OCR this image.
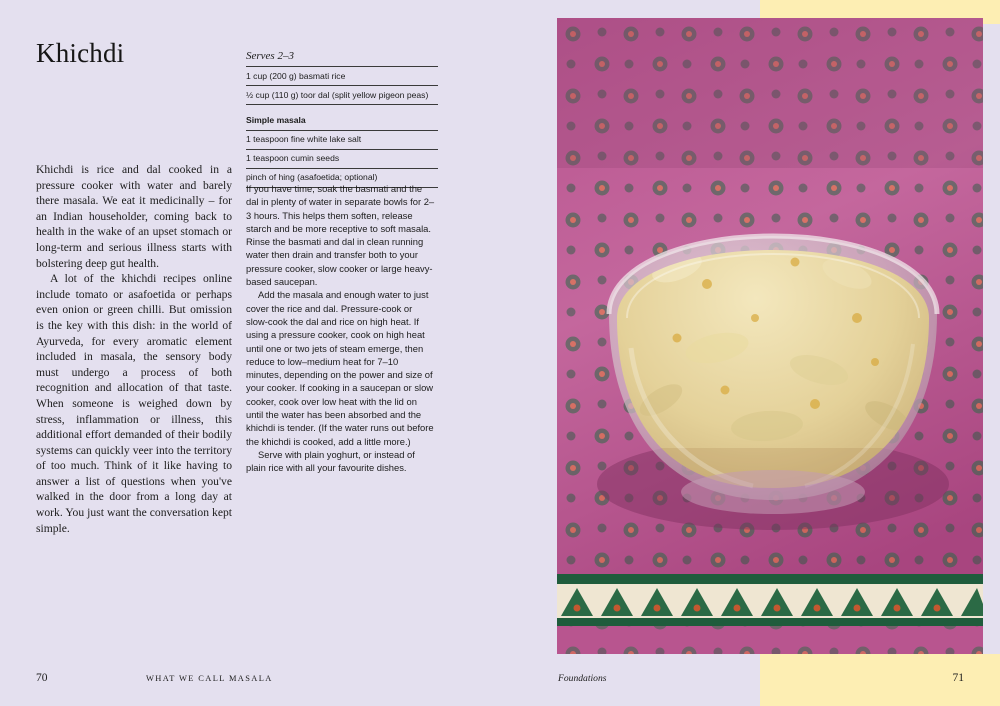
Khichdi

Khichdi is rice and dal cooked in a pressure cooker with water and barely there masala. We eat it medicinally – for an Indian householder, coming back to health in the wake of an upset stomach or long-term and serious illness starts with bolstering deep gut health.

A lot of the khichdi recipes online include tomato or asafoetida or perhaps even onion or green chilli. But omission is the key with this dish: in the world of Ayurveda, for every aromatic element included in masala, the sensory body must undergo a process of both recognition and allocation of that taste. When someone is weighed down by stress, inflammation or illness, this additional effort demanded of their bodily systems can quickly veer into the territory of too much. Think of it like having to answer a list of questions when you've walked in the door from a long day at work. You just want the conversation kept simple.

Serves 2–3
1 cup (200 g) basmati rice
½ cup (110 g) toor dal (split yellow pigeon peas)
Simple masala
1 teaspoon fine white lake salt
1 teaspoon cumin seeds
pinch of hing (asafoetida; optional)

If you have time, soak the basmati and the dal in plenty of water in separate bowls for 2–3 hours. This helps them soften, release starch and be more receptive to soft masala. Rinse the basmati and dal in clean running water then drain and transfer both to your pressure cooker, slow cooker or large heavy-based saucepan.

Add the masala and enough water to just cover the rice and dal. Pressure-cook or slow-cook the dal and rice on high heat. If using a pressure cooker, cook on high heat until one or two jets of steam emerge, then reduce to low–medium heat for 7–10 minutes, depending on the power and size of your cooker. If cooking in a saucepan or slow cooker, cook over low heat with the lid on until the water has been absorbed and the khichdi is tender. (If the water runs out before the khichdi is cooked, add a little more.)

Serve with plain yoghurt, or instead of plain rice with all your favourite dishes.

70	WHAT WE CALL MASALA	Foundations	71
